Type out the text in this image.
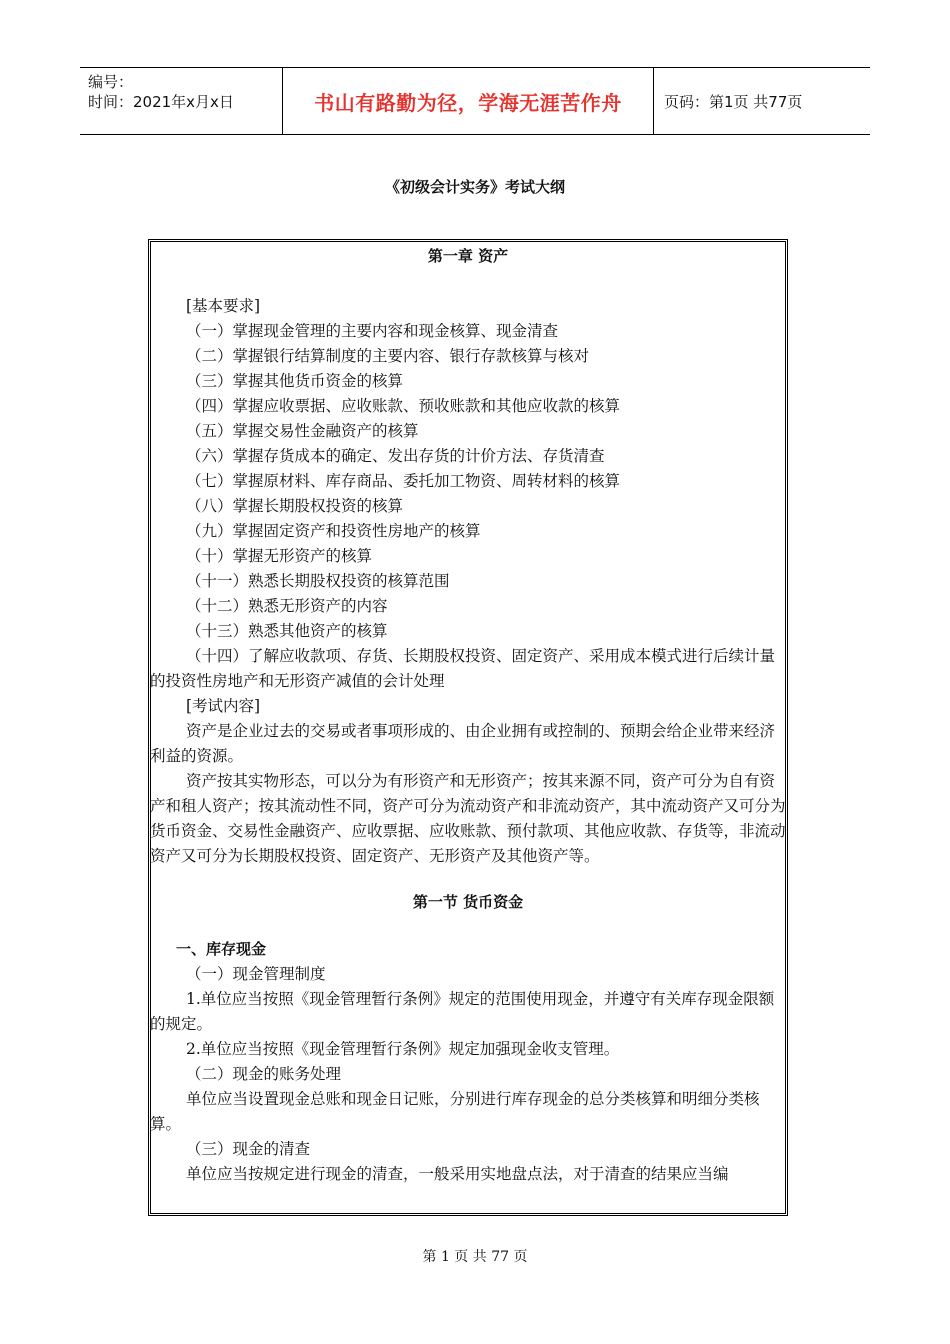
编号：
时间：2021年x月x日	书山有路勤为径，学海无涯苦作舟	页码：第1页 共77页
《初级会计实务》考试大纲

第一章 资产

[基本要求]

（一）掌握现金管理的主要内容和现金核算、现金清查

（二）掌握银行结算制度的主要内容、银行存款核算与核对

（三）掌握其他货币资金的核算

（四）掌握应收票据、应收账款、预收账款和其他应收款的核算

（五）掌握交易性金融资产的核算

（六）掌握存货成本的确定、发出存货的计价方法、存货清查

（七）掌握原材料、库存商品、委托加工物资、周转材料的核算

（八）掌握长期股权投资的核算

（九）掌握固定资产和投资性房地产的核算

（十）掌握无形资产的核算

（十一）熟悉长期股权投资的核算范围

（十二）熟悉无形资产的内容

（十三）熟悉其他资产的核算

（十四）了解应收款项、存货、长期股权投资、固定资产、采用成本模式进行后续计量的投资性房地产和无形资产减值的会计处理

[考试内容]

资产是企业过去的交易或者事项形成的、由企业拥有或控制的、预期会给企业带来经济利益的资源。

资产按其实物形态，可以分为有形资产和无形资产；按其来源不同，资产可分为自有资产和租人资产；按其流动性不同，资产可分为流动资产和非流动资产，其中流动资产又可分为货币资金、交易性金融资产、应收票据、应收账款、预付款项、其他应收款、存货等，非流动资产又可分为长期股权投资、固定资产、无形资产及其他资产等。

第一节 货币资金

一、库存现金

（一）现金管理制度

1.单位应当按照《现金管理暂行条例》规定的范围使用现金，并遵守有关库存现金限额的规定。

2.单位应当按照《现金管理暂行条例》规定加强现金收支管理。

（二）现金的账务处理

单位应当设置现金总账和现金日记账，分别进行库存现金的总分类核算和明细分类核算。

（三）现金的清查

单位应当按规定进行现金的清查，一般采用实地盘点法，对于清查的结果应当编

第 1 页 共 77 页
